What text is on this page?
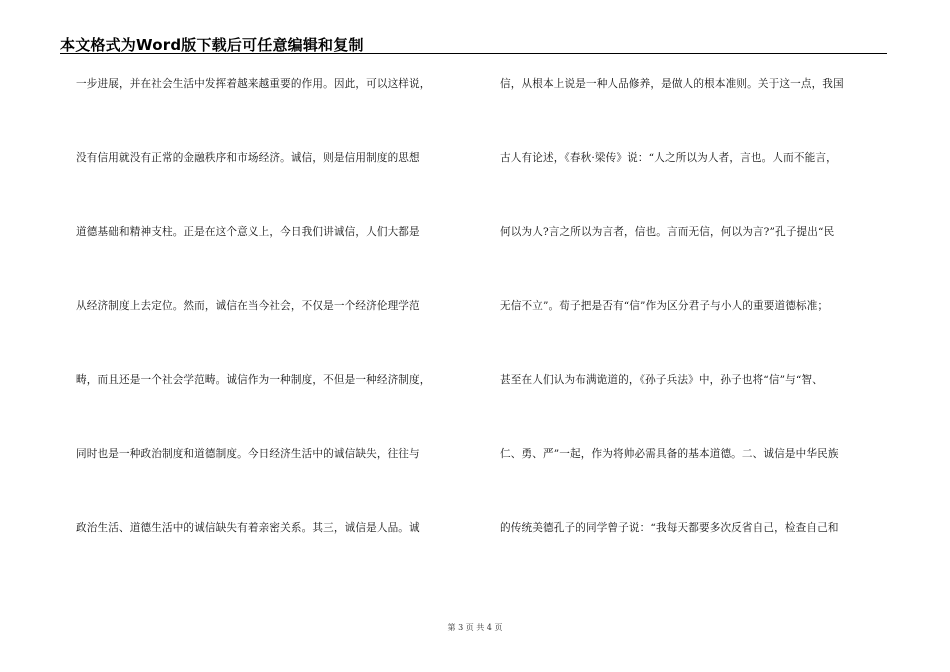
本文格式为Word版下载后可任意编辑和复制
一步进展，并在社会生活中发挥着越来越重要的作用。因此，可以这样说，
没有信用就没有正常的金融秩序和市场经济。诚信，则是信用制度的思想
道德基础和精神支柱。正是在这个意义上，今日我们讲诚信，人们大都是
从经济制度上去定位。然而，诚信在当今社会，不仅是一个经济伦理学范
畴，而且还是一个社会学范畴。诚信作为一种制度，不但是一种经济制度，
同时也是一种政治制度和道德制度。今日经济生活中的诚信缺失，往往与
政治生活、道德生活中的诚信缺失有着亲密关系。其三，诚信是人品。诚
信，从根本上说是一种人品修养，是做人的根本准则。关于这一点，我国
古人有论述，《春秋·梁传》说：“人之所以为人者，言也。人而不能言，
何以为人?言之所以为言者，信也。言而无信，何以为言?”孔子提出“民
无信不立”。荀子把是否有“信”作为区分君子与小人的重要道德标准；
甚至在人们认为布满诡道的，《孙子兵法》中，孙子也将“信”与“智、
仁、勇、严”一起，作为将帅必需具备的基本道德。二、诚信是中华民族
的传统美德孔子的同学曾子说：“我每天都要多次反省自己，检查自己和
第 3 页 共 4 页
